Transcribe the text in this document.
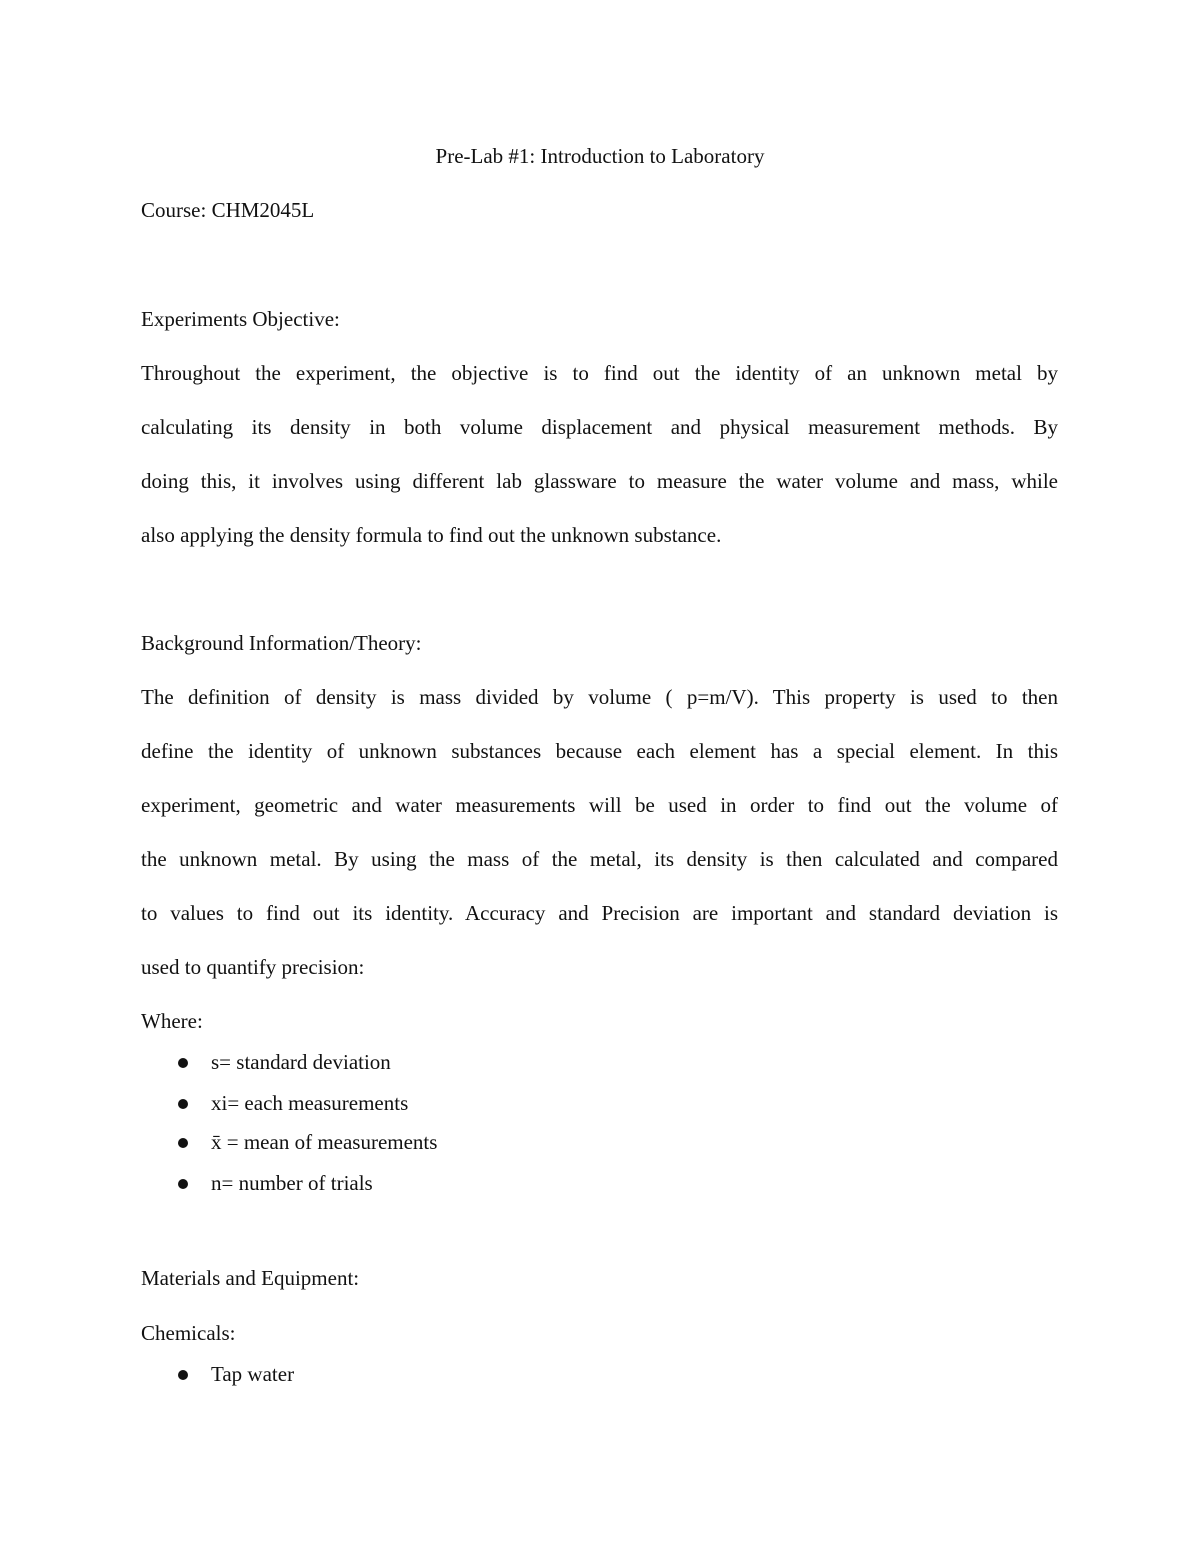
Pre-Lab #1: Introduction to Laboratory
Course: CHM2045L
Experiments Objective:
Throughout the experiment, the objective is to find out the identity of an unknown metal by
calculating its density in both volume displacement and physical measurement methods. By
doing this, it involves using different lab glassware to measure the water volume and mass, while
also applying the density formula to find out the unknown substance.
Background Information/Theory:
The definition of density is mass divided by volume ( p=m/V). This property is used to then
define the identity of unknown substances because each element has a special element. In this
experiment, geometric and water measurements will be used in order to find out the volume of
the unknown metal. By using the mass of the metal, its density is then calculated and compared
to values to find out its identity. Accuracy and Precision are important and standard deviation is
used to quantify precision:
Where:
s= standard deviation
xi= each measurements
x̄ = mean of measurements
n= number of trials
Materials and Equipment:
Chemicals:
Tap water
